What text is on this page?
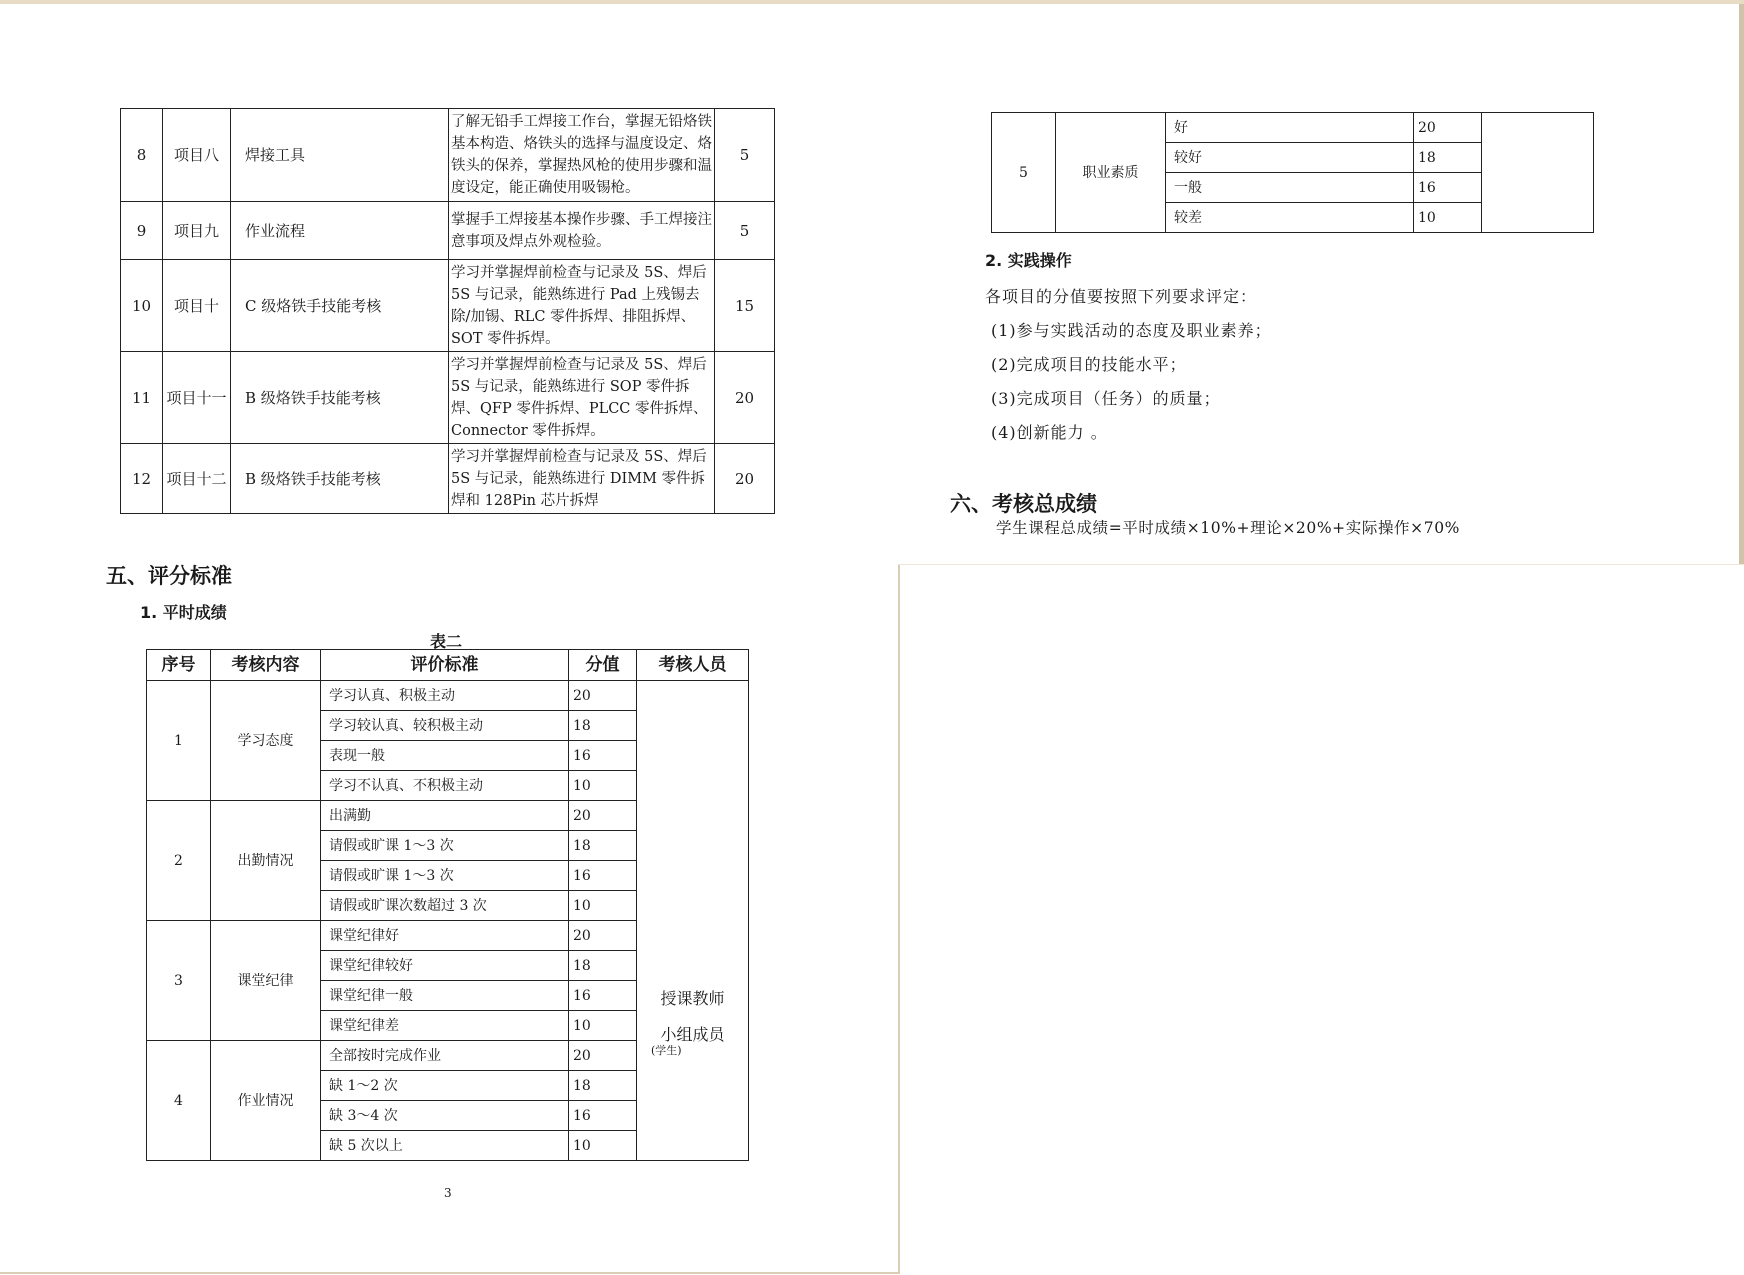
8	项目八	焊接工具	了解无铅手工焊接工作台，掌握无铅烙铁基本构造、烙铁头的选择与温度设定、烙铁头的保养，掌握热风枪的使用步骤和温度设定，能正确使用吸锡枪。	5
9	项目九	作业流程	掌握手工焊接基本操作步骤、手工焊接注意事项及焊点外观检验。	5
10	项目十	C 级烙铁手技能考核	学习并掌握焊前检查与记录及 5S、焊后 5S 与记录，能熟练进行 Pad 上残锡去除/加锡、RLC 零件拆焊、排阻拆焊、SOT 零件拆焊。	15
11	项目十一	B 级烙铁手技能考核	学习并掌握焊前检查与记录及 5S、焊后 5S 与记录，能熟练进行 SOP 零件拆焊、QFP 零件拆焊、PLCC 零件拆焊、Connector 零件拆焊。	20
12	项目十二	B 级烙铁手技能考核	学习并掌握焊前检查与记录及 5S、焊后 5S 与记录，能熟练进行 DIMM 零件拆焊和 128Pin 芯片拆焊	20
五、评分标准
1. 平时成绩
表二
序号	考核内容	评价标准	分值	考核人员
1	学习态度	学习认真、积极主动	20	授课教师
小组成员
(学生)

		学习较认真、较积极主动	18	
		表现一般	16	
		学习不认真、不积极主动	10	
2	出勤情况	出满勤	20	
		请假或旷课 1～3 次	18	
		请假或旷课 1～3 次	16	
		请假或旷课次数超过 3 次	10	
3	课堂纪律	课堂纪律好	20	
		课堂纪律较好	18	
		课堂纪律一般	16	
		课堂纪律差	10	
4	作业情况	全部按时完成作业	20	
		缺 1～2 次	18	
		缺 3～4 次	16	
		缺 5 次以上	10	
3
5	职业素质	好	20	
		较好	18	
		一般	16	
		较差	10	
2. 实践操作
各项目的分值要按照下列要求评定：
(1)参与实践活动的态度及职业素养；
(2)完成项目的技能水平；
(3)完成项目（任务）的质量；
(4)创新能力 。
六、考核总成绩
学生课程总成绩=平时成绩×10%+理论×20%+实际操作×70%
